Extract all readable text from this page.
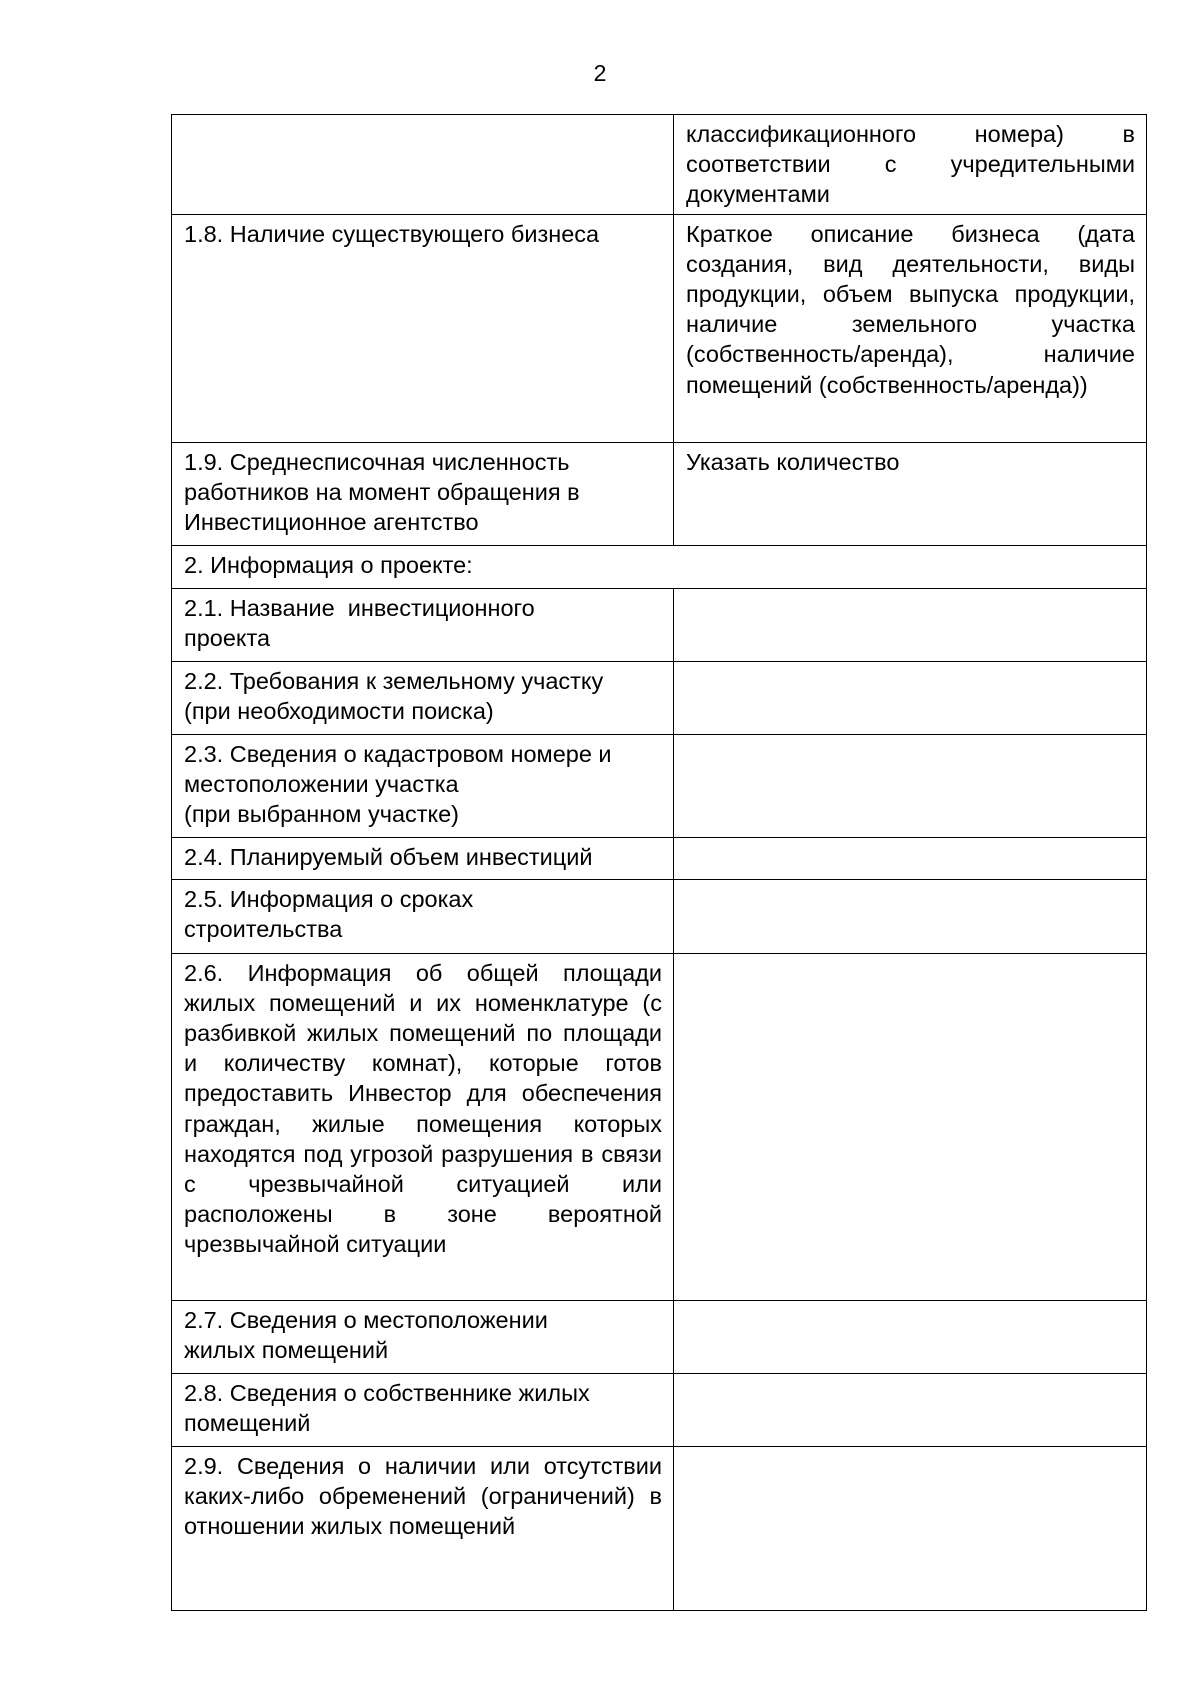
2
	классификационного номера) в соответствии с учредительными документами
1.8. Наличие существующего бизнеса	Краткое описание бизнеса (дата создания, вид деятельности, виды продукции, объем выпуска продукции, наличие земельного участка (собственность/аренда), наличие помещений (собственность/аренда))

1.9. Среднесписочная численность
работников на момент обращения в
Инвестиционное агентство	Указать количество
2. Информация о проекте:	

2.1. Название  инвестиционного
проекта	

2.2. Требования к земельному участку
(при необходимости поиска)	

2.3. Сведения о кадастровом номере и
местоположении участка
(при выбранном участке)	

2.4. Планируемый объем инвестиций	

2.5. Информация о сроках
строительства	

2.6. Информация об общей площади жилых помещений и их номенклатуре (с разбивкой жилых помещений по площади и количеству комнат), которые готов предоставить Инвестор для обеспечения граждан, жилые помещения которых находятся под угрозой разрушения в связи с чрезвычайной ситуацией или расположены в зоне вероятной чрезвычайной ситуации	

2.7. Сведения о местоположении
жилых помещений	

2.8. Сведения о собственнике жилых
помещений	

2.9. Сведения о наличии или отсутствии каких-либо обременений (ограничений) в отношении жилых помещений	
